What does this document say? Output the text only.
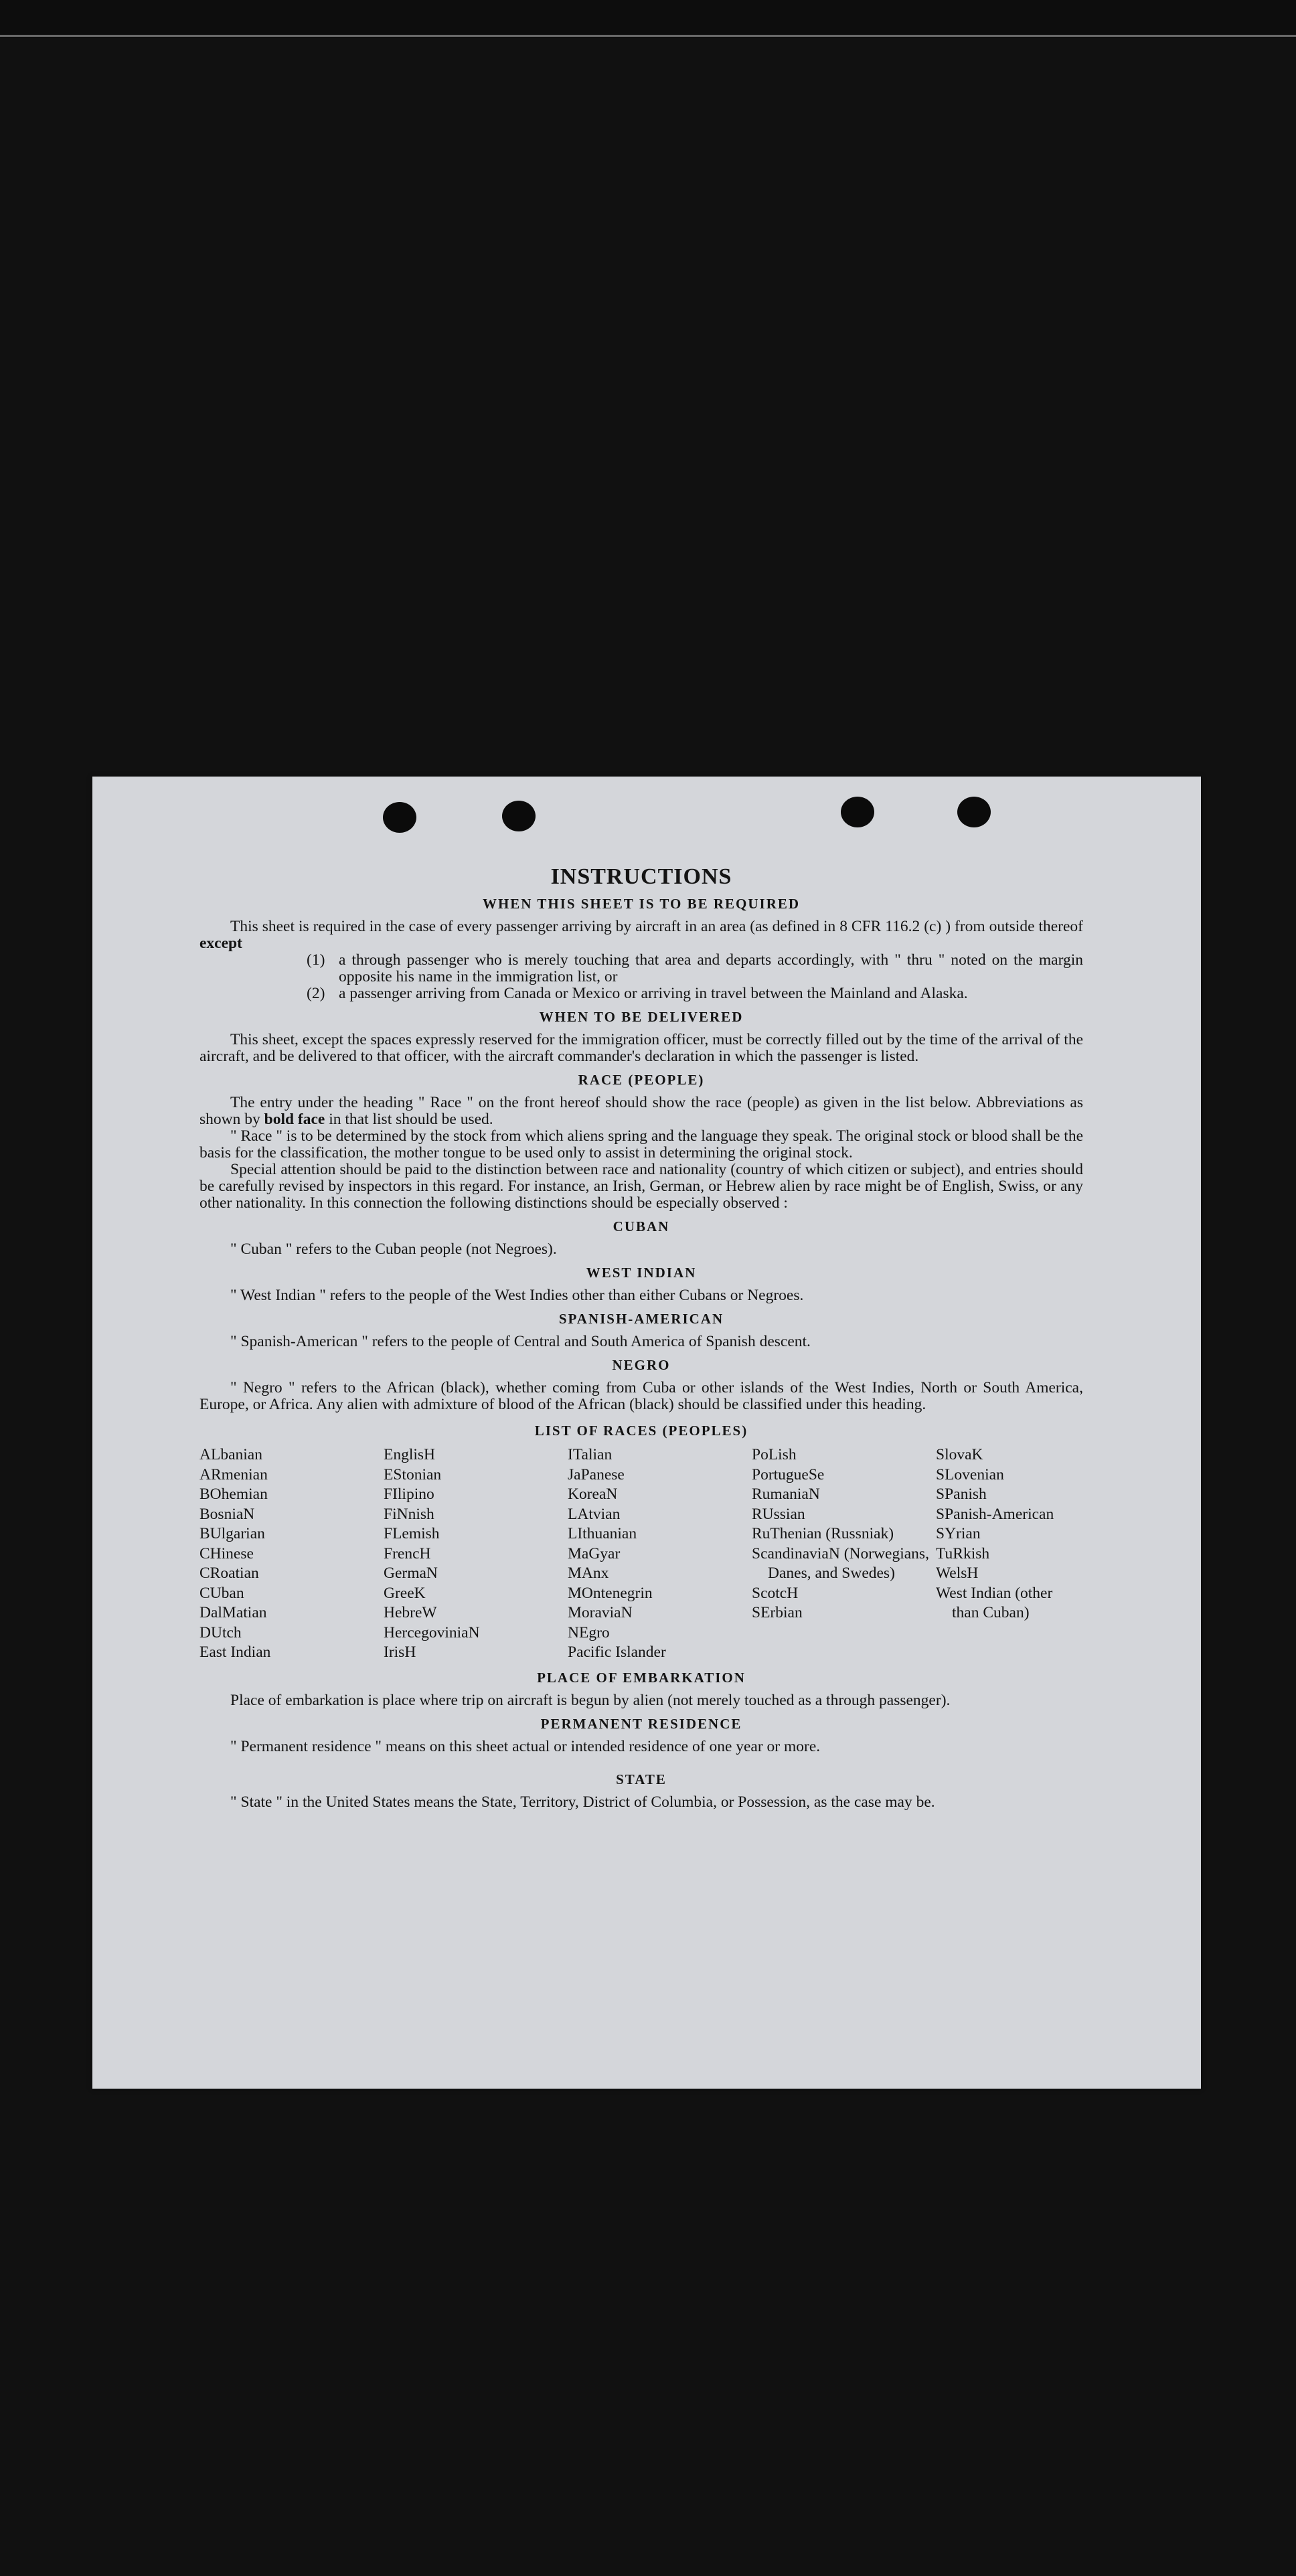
INSTRUCTIONS
WHEN THIS SHEET IS TO BE REQUIRED

This sheet is required in the case of every passenger arriving by aircraft in an area (as defined in 8 CFR 116.2 (c) ) from outside thereof except

(1) a through passenger who is merely touching that area and departs accordingly, with " thru " noted on the margin opposite his name in the immigration list, or
(2) a passenger arriving from Canada or Mexico or arriving in travel between the Mainland and Alaska.
WHEN TO BE DELIVERED

This sheet, except the spaces expressly reserved for the immigration officer, must be correctly filled out by the time of the arrival of the aircraft, and be delivered to that officer, with the aircraft commander's declaration in which the passenger is listed.

RACE (PEOPLE)

The entry under the heading " Race " on the front hereof should show the race (people) as given in the list below. Abbreviations as shown by bold face in that list should be used.

" Race " is to be determined by the stock from which aliens spring and the language they speak. The original stock or blood shall be the basis for the classification, the mother tongue to be used only to assist in determining the original stock.

Special attention should be paid to the distinction between race and nationality (country of which citizen or subject), and entries should be carefully revised by inspectors in this regard. For instance, an Irish, German, or Hebrew alien by race might be of English, Swiss, or any other nationality. In this connection the following distinctions should be especially observed :

CUBAN

" Cuban " refers to the Cuban people (not Negroes).

WEST INDIAN

" West Indian " refers to the people of the West Indies other than either Cubans or Negroes.

SPANISH-AMERICAN

" Spanish-American " refers to the people of Central and South America of Spanish descent.

NEGRO

" Negro " refers to the African (black), whether coming from Cuba or other islands of the West Indies, North or South America, Europe, or Africa. Any alien with admixture of blood of the African (black) should be classified under this heading.

LIST OF RACES (PEOPLES)
ALbanian
ARmenian
BOhemian
BosniaN
BUlgarian
CHinese
CRoatian
CUban
DalMatian
DUtch
East Indian
EnglisH
EStonian
FIlipino
FiNnish
FLemish
FrencH
GermaN
GreeK
HebreW
HercegoviniaN
IrisH
ITalian
JaPanese
KoreaN
LAtvian
LIthuanian
MaGyar
MAnx
MOntenegrin
MoraviaN
NEgro
Pacific Islander
PoLish
PortugueSe
RumaniaN
RUssian
RuThenian (Russniak)
ScandinaviaN (Norwegians, Danes, and Swedes)
ScotcH
SErbian
SlovaK
SLovenian
SPanish
SPanish-American
SYrian
TuRkish
WelsH
West Indian (other than Cuban)
PLACE OF EMBARKATION

Place of embarkation is place where trip on aircraft is begun by alien (not merely touched as a through passenger).

PERMANENT RESIDENCE

" Permanent residence " means on this sheet actual or intended residence of one year or more.

STATE

" State " in the United States means the State, Territory, District of Columbia, or Possession, as the case may be.
